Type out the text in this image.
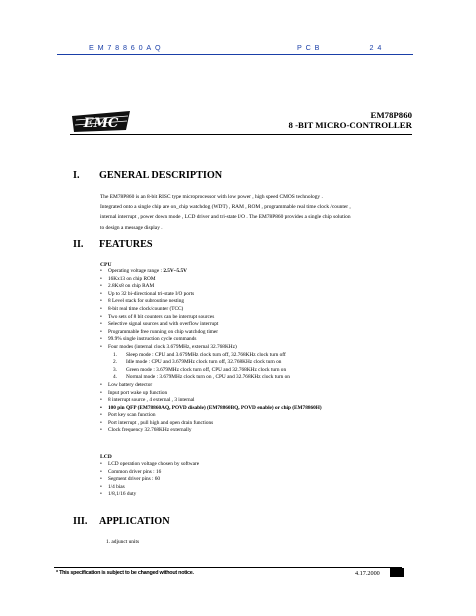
EM78860AQ	PCB        24
EMC
EM78P860
8 -BIT MICRO-CONTROLLER
I. GENERAL DESCRIPTION

The EM78P860 is an 8-bit RISC type microprocessor with low power , high speed CMOS technology .
Integrated onto a single chip are on_chip watchdog (WDT) , RAM , ROM , programmable real time clock /counter ,
internal interrupt , power down mode , LCD driver and tri-state I/O . The EM78P860 provides a single chip solution
to design a message display .

II. FEATURES
CPU
• Operating voltage range : 2.5V~5.5V
• 16Kx13 on chip ROM
• 2.8Kx8 on chip RAM
• Up to 32 bi-directional tri-state I/O ports
• 8 Level stack for subroutine nesting
• 8-bit real time clock/counter (TCC)
• Two sets of 8 bit counters can be interrupt sources
• Selective signal sources and with overflow interrupt
• Programmable free running on chip watchdog timer
• 99.9% single instruction cycle commands
• Four modes (internal clock 3.679MHz, external 32.768KHz)
1. Sleep mode : CPU and 3.679MHz clock turn off, 32.768KHz clock turn off
2. Idle mode : CPU and 3.679MHz clock turn off, 32.768KHz clock turn on
3. Green mode : 3.679MHz clock turn off, CPU and 32.768KHz clock turn on
4. Normal mode : 3.679MHz clock turn on , CPU and 32.768KHz clock turn on
• Low battery detector
• Input port wake up function
• 8 interrupt source , 4 external , 3 internal
• 100 pin QFP (EM78860AQ, POVD disable) (EM78860BQ, POVD enable) or chip (EM78860H)
• Port key scan function
• Port interrupt , pull high and open drain functions
• Clock frequency 32.768KHz externally
LCD
• LCD operation voltage chosen by software
• Common driver pins : 16
• Segment driver pins : 60
• 1/4 bias
• 1/8,1/16 duty
III. APPLICATION
1. adjunct units
* This specification is subject to be changed without notice.	4.17.2000
